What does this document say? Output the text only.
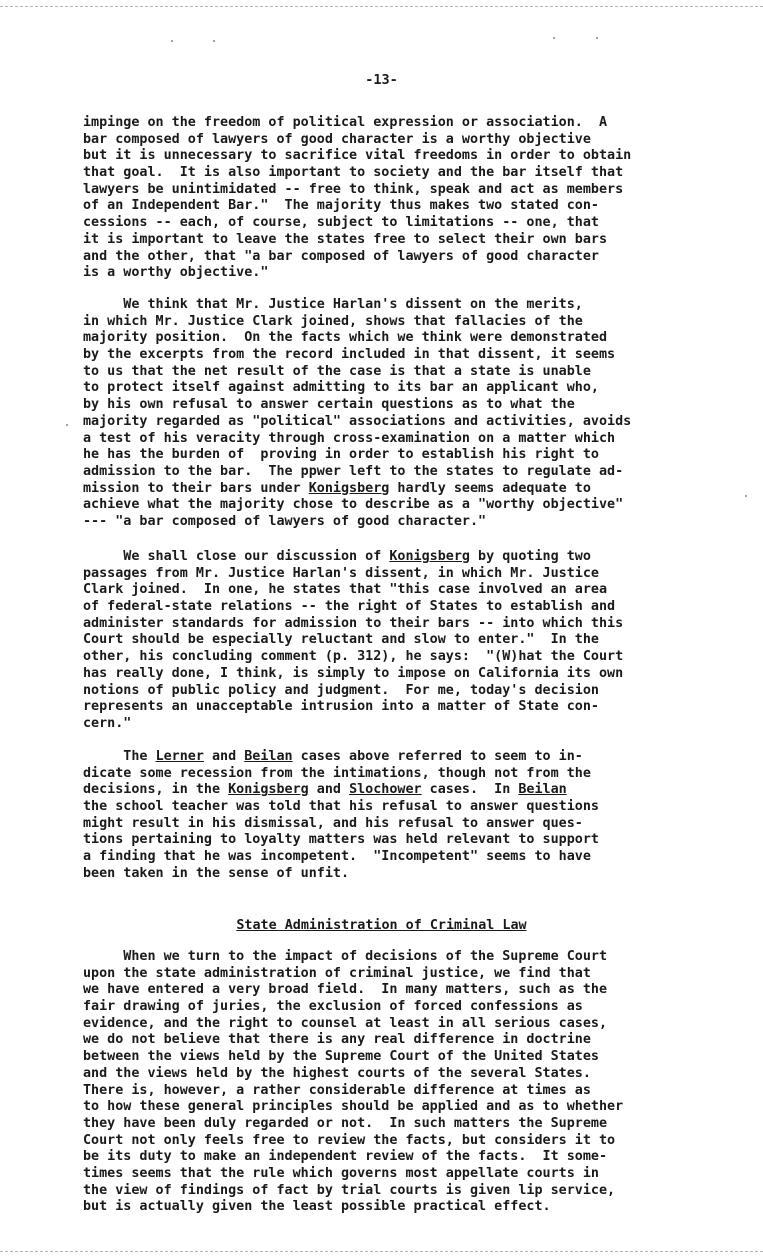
-13-
impinge on the freedom of political expression or association.  A
bar composed of lawyers of good character is a worthy objective
but it is unnecessary to sacrifice vital freedoms in order to obtain
that goal.  It is also important to society and the bar itself that
lawyers be unintimidated -- free to think, speak and act as members
of an Independent Bar."  The majority thus makes two stated con-
cessions -- each, of course, subject to limitations -- one, that
it is important to leave the states free to select their own bars
and the other, that "a bar composed of lawyers of good character
is a worthy objective."
We think that Mr. Justice Harlan's dissent on the merits,
in which Mr. Justice Clark joined, shows that fallacies of the
majority position.  On the facts which we think were demonstrated
by the excerpts from the record included in that dissent, it seems
to us that the net result of the case is that a state is unable
to protect itself against admitting to its bar an applicant who,
by his own refusal to answer certain questions as to what the
majority regarded as "political" associations and activities, avoids
a test of his veracity through cross-examination on a matter which
he has the burden of  proving in order to establish his right to
admission to the bar.  The ppwer left to the states to regulate ad-
mission to their bars under Konigsberg hardly seems adequate to
achieve what the majority chose to describe as a "worthy objective"
--- "a bar composed of lawyers of good character."
We shall close our discussion of Konigsberg by quoting two
passages from Mr. Justice Harlan's dissent, in which Mr. Justice
Clark joined.  In one, he states that "this case involved an area
of federal-state relations -- the right of States to establish and
administer standards for admission to their bars -- into which this
Court should be especially reluctant and slow to enter."  In the
other, his concluding comment (p. 312), he says:  "(W)hat the Court
has really done, I think, is simply to impose on California its own
notions of public policy and judgment.  For me, today's decision
represents an unacceptable intrusion into a matter of State con-
cern."
The Lerner and Beilan cases above referred to seem to in-
dicate some recession from the intimations, though not from the
decisions, in the Konigsberg and Slochower cases.  In Beilan
the school teacher was told that his refusal to answer questions
might result in his dismissal, and his refusal to answer ques-
tions pertaining to loyalty matters was held relevant to support
a finding that he was incompetent.  "Incompetent" seems to have
been taken in the sense of unfit.
State Administration of Criminal Law
When we turn to the impact of decisions of the Supreme Court
upon the state administration of criminal justice, we find that
we have entered a very broad field.  In many matters, such as the
fair drawing of juries, the exclusion of forced confessions as
evidence, and the right to counsel at least in all serious cases,
we do not believe that there is any real difference in doctrine
between the views held by the Supreme Court of the United States
and the views held by the highest courts of the several States.
There is, however, a rather considerable difference at times as
to how these general principles should be applied and as to whether
they have been duly regarded or not.  In such matters the Supreme
Court not only feels free to review the facts, but considers it to
be its duty to make an independent review of the facts.  It some-
times seems that the rule which governs most appellate courts in
the view of findings of fact by trial courts is given lip service,
but is actually given the least possible practical effect.
